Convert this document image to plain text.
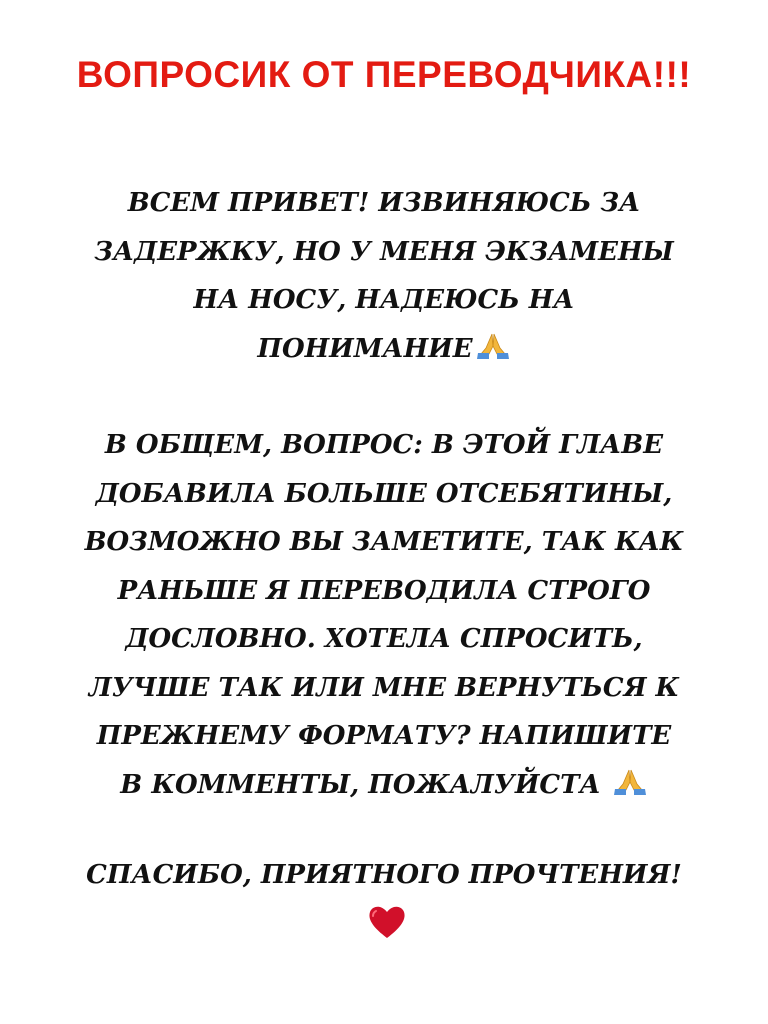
ВОПРОСИК ОТ ПЕРЕВОДЧИКА!!!
ВСЕМ ПРИВЕТ! ИЗВИНЯЮСЬ ЗА
ЗАДЕРЖКУ, НО У МЕНЯ ЭКЗАМЕНЫ
НА НОСУ, НАДЕЮСЬ НА
ПОНИМАНИЕ
В ОБЩЕМ, ВОПРОС: В ЭТОЙ ГЛАВЕ
ДОБАВИЛА БОЛЬШЕ ОТСЕБЯТИНЫ,
ВОЗМОЖНО ВЫ ЗАМЕТИТЕ, ТАК КАК
РАНЬШЕ Я ПЕРЕВОДИЛА СТРОГО
ДОСЛОВНО. ХОТЕЛА СПРОСИТЬ,
ЛУЧШЕ ТАК ИЛИ МНЕ ВЕРНУТЬСЯ К
ПРЕЖНЕМУ ФОРМАТУ? НАПИШИТЕ
В КОММЕНТЫ, ПОЖАЛУЙСТА
СПАСИБО, ПРИЯТНОГО ПРОЧТЕНИЯ!
